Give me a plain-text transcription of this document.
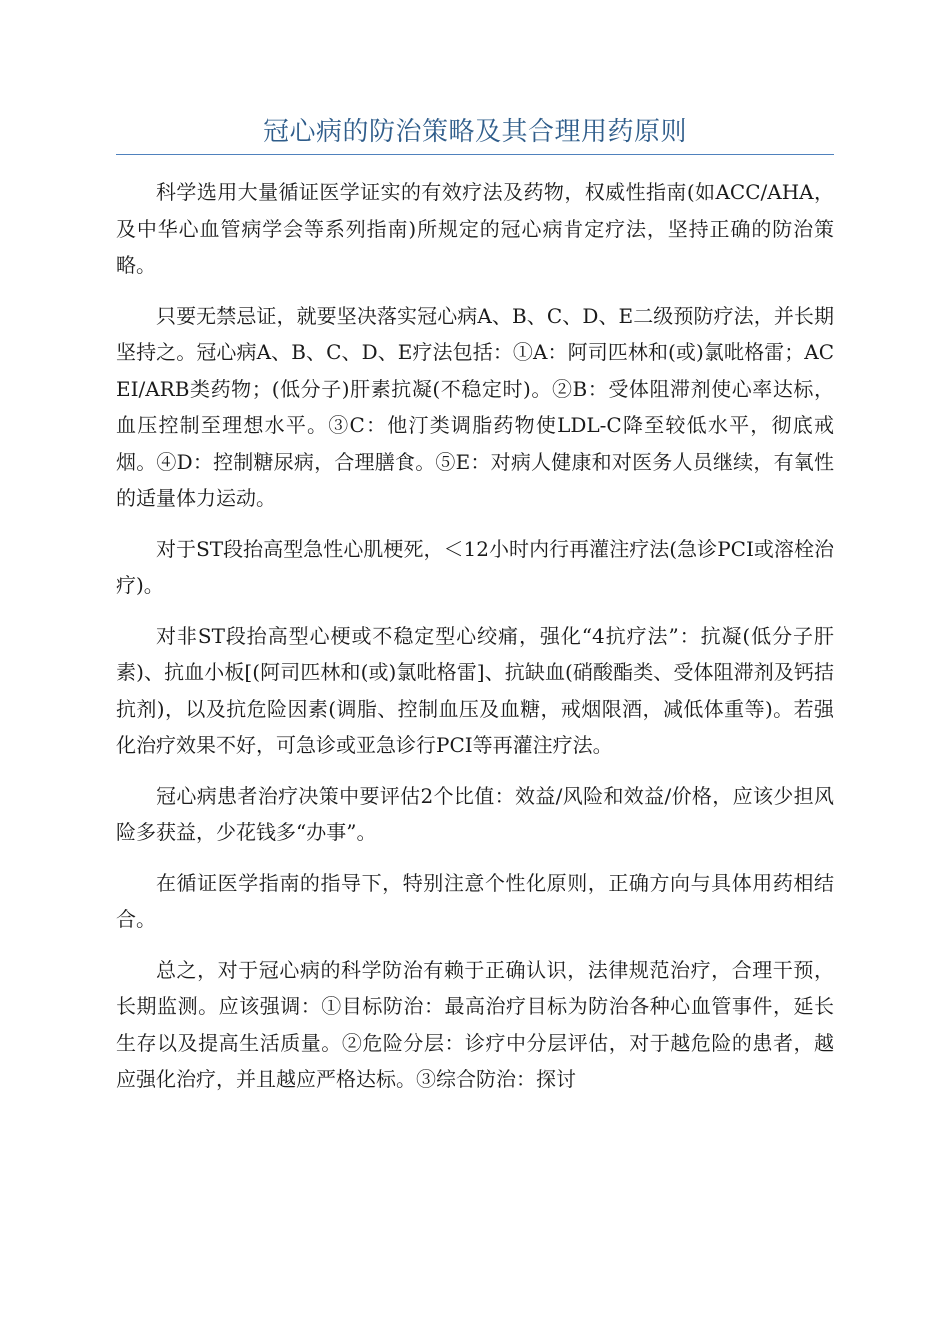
冠心病的防治策略及其合理用药原则

科学选用大量循证医学证实的有效疗法及药物，权威性指南(如ACC/AHA，及中华心血管病学会等系列指南)所规定的冠心病肯定疗法，坚持正确的防治策略。

只要无禁忌证，就要坚决落实冠心病A、B、C、D、E二级预防疗法，并长期坚持之。冠心病A、B、C、D、E疗法包括：①A：阿司匹林和(或)氯吡格雷；ACEI/ARB类药物；(低分子)肝素抗凝(不稳定时)。②B：受体阻滞剂使心率达标，血压控制至理想水平。③C：他汀类调脂药物使LDL-C降至较低水平，彻底戒烟。④D：控制糖尿病，合理膳食。⑤E：对病人健康和对医务人员继续，有氧性的适量体力运动。

对于ST段抬高型急性心肌梗死，＜12小时内行再灌注疗法(急诊PCI或溶栓治疗)。

对非ST段抬高型心梗或不稳定型心绞痛，强化“4抗疗法”：抗凝(低分子肝素)、抗血小板[(阿司匹林和(或)氯吡格雷]、抗缺血(硝酸酯类、受体阻滞剂及钙拮抗剂)，以及抗危险因素(调脂、控制血压及血糖，戒烟限酒，减低体重等)。若强化治疗效果不好，可急诊或亚急诊行PCI等再灌注疗法。

冠心病患者治疗决策中要评估2个比值：效益/风险和效益/价格，应该少担风险多获益，少花钱多“办事”。

在循证医学指南的指导下，特别注意个性化原则，正确方向与具体用药相结合。

总之，对于冠心病的科学防治有赖于正确认识，法律规范治疗，合理干预，长期监测。应该强调：①目标防治：最高治疗目标为防治各种心血管事件，延长生存以及提高生活质量。②危险分层：诊疗中分层评估，对于越危险的患者，越应强化治疗，并且越应严格达标。③综合防治：探讨
